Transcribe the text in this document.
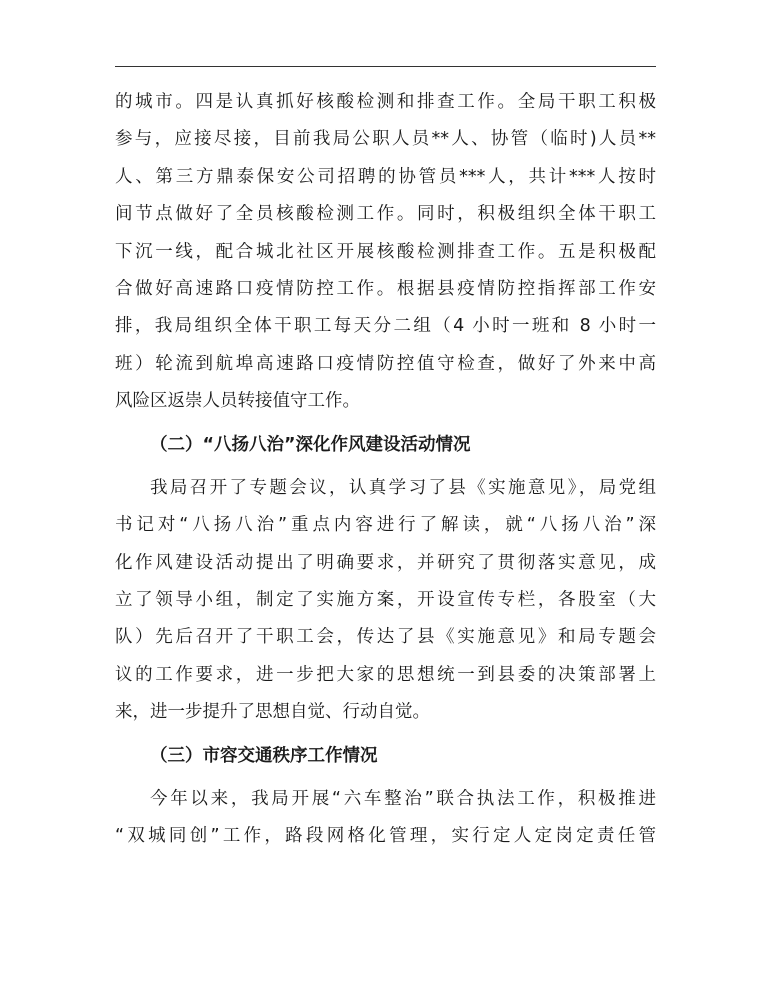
的城市。四是认真抓好核酸检测和排查工作。全局干职工积极
参与，应接尽接，目前我局公职人员**人、协管（临时)人员**
人、第三方鼎泰保安公司招聘的协管员***人，共计***人按时
间节点做好了全员核酸检测工作。同时，积极组织全体干职工
下沉一线，配合城北社区开展核酸检测排查工作。五是积极配
合做好高速路口疫情防控工作。根据县疫情防控指挥部工作安
排，我局组织全体干职工每天分二组（4 小时一班和 8 小时一
班）轮流到航埠高速路口疫情防控值守检查，做好了外来中高
风险区返崇人员转接值守工作。
（二）“八扬八治”深化作风建设活动情况
我局召开了专题会议，认真学习了县《实施意见》，局党组
书记对“八扬八治”重点内容进行了解读，就“八扬八治”深
化作风建设活动提出了明确要求，并研究了贯彻落实意见，成
立了领导小组，制定了实施方案，开设宣传专栏，各股室（大
队）先后召开了干职工会，传达了县《实施意见》和局专题会
议的工作要求，进一步把大家的思想统一到县委的决策部署上
来，进一步提升了思想自觉、行动自觉。
（三）市容交通秩序工作情况
今年以来，我局开展“六车整治”联合执法工作，积极推进
“双城同创”工作，路段网格化管理，实行定人定岗定责任管
